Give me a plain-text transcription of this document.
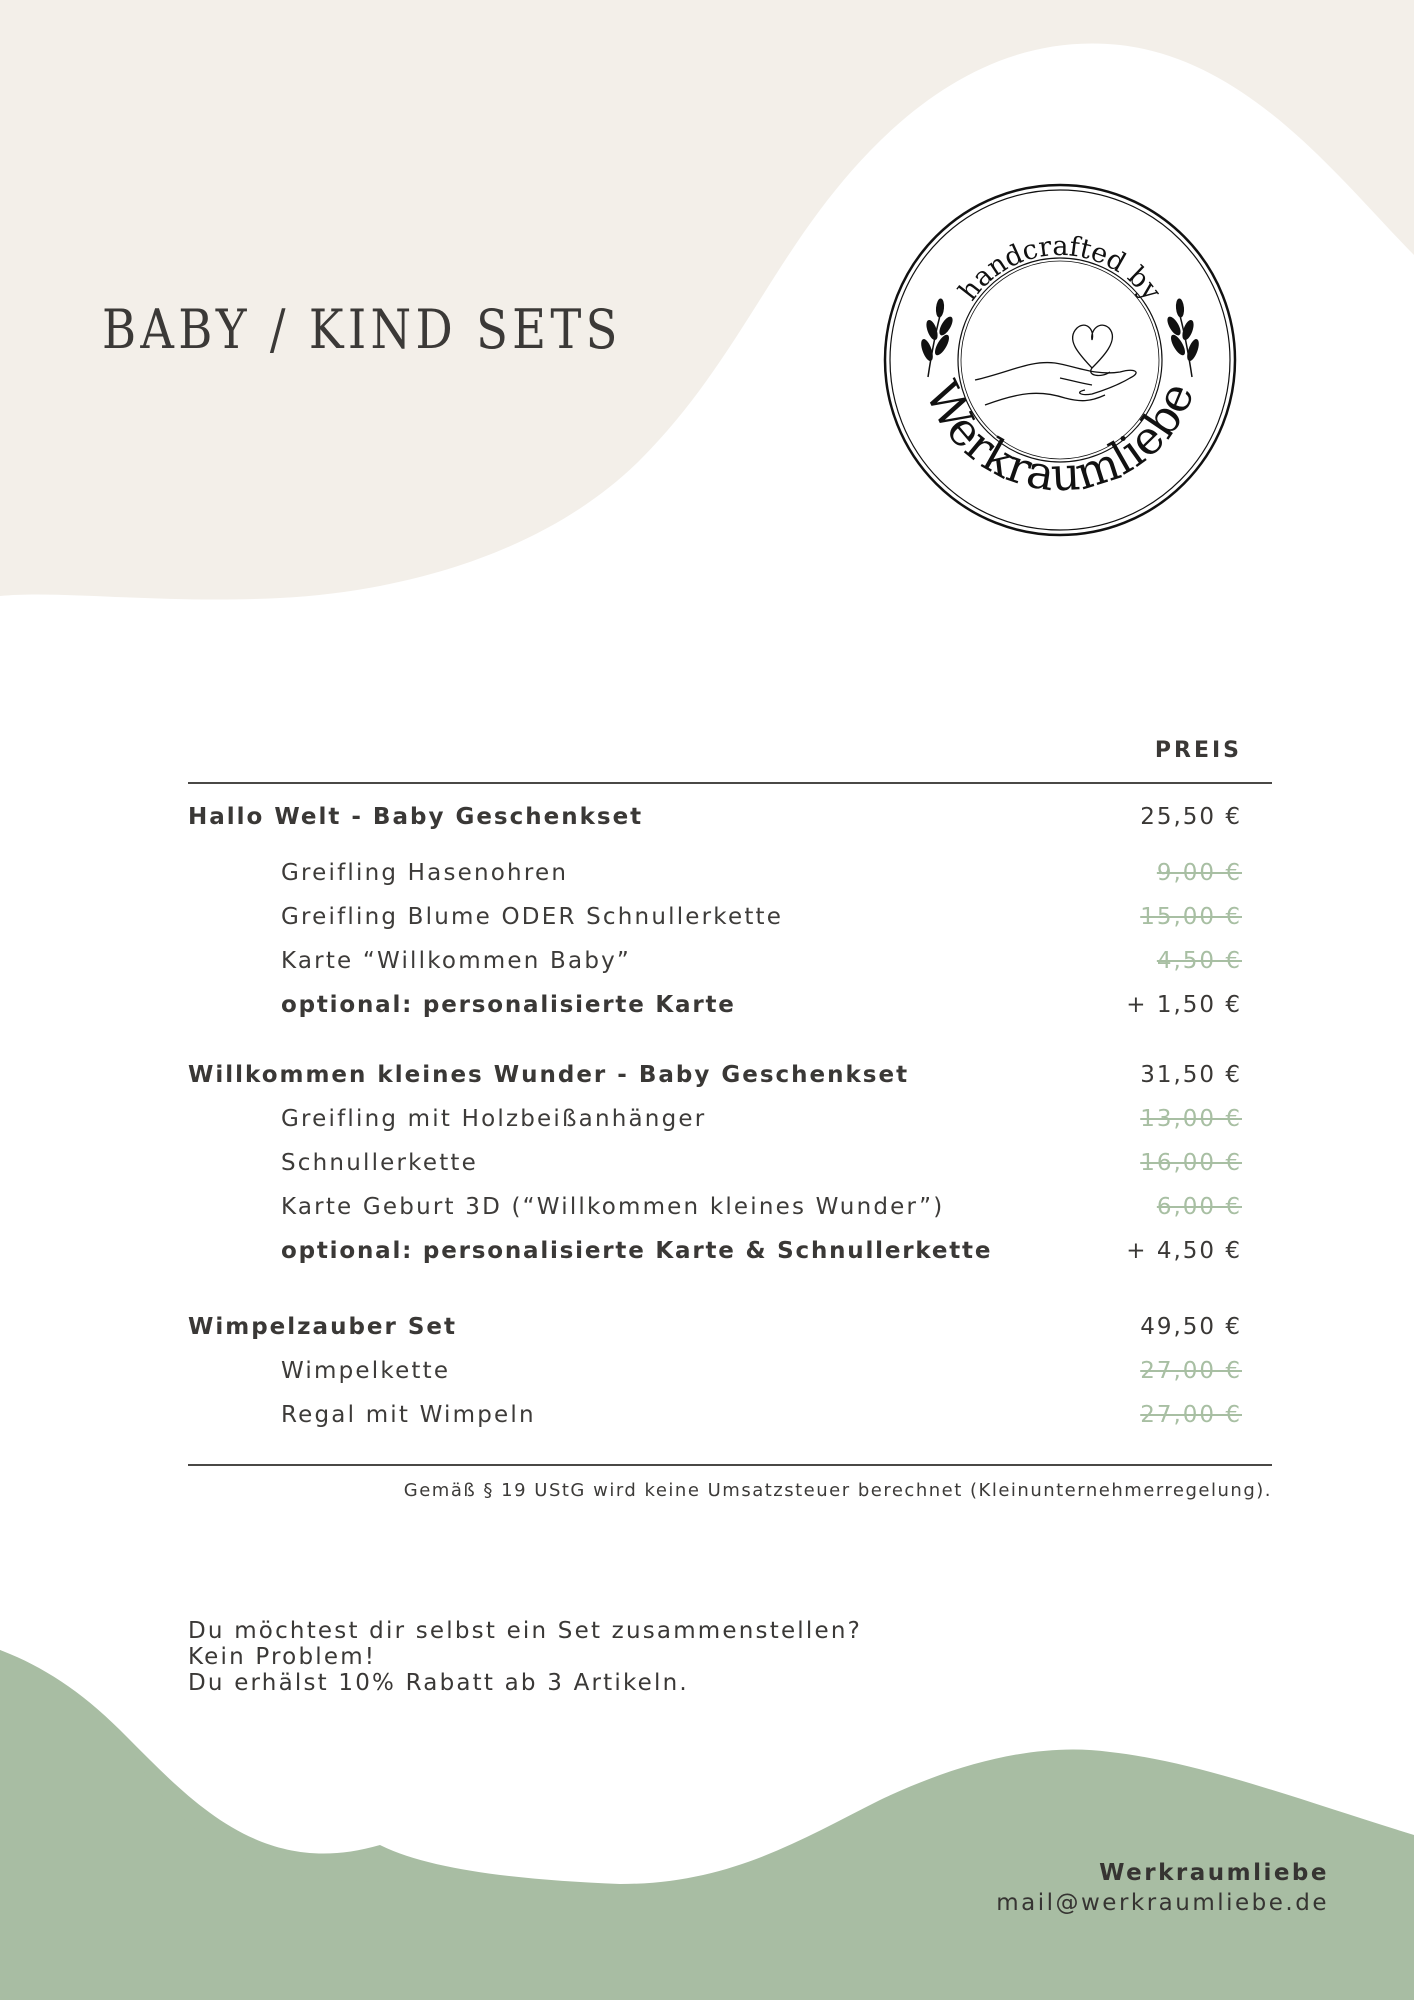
BABY / KIND SETS
handcrafted by
Werkraumliebe
PREIS
Hallo Welt - Baby Geschenkset	25,50 €
Greifling Hasenohren	9,00 €
Greifling Blume ODER Schnullerkette	15,00 €
Karte “Willkommen Baby”	4,50 €
optional: personalisierte Karte	+ 1,50 €
Willkommen kleines Wunder - Baby Geschenkset	31,50 €
Greifling mit Holzbeißanhänger	13,00 €
Schnullerkette	16,00 €
Karte Geburt 3D (“Willkommen kleines Wunder”)	6,00 €
optional: personalisierte Karte & Schnullerkette	+ 4,50 €
Wimpelzauber Set	49,50 €
Wimpelkette	27,00 €
Regal mit Wimpeln	27,00 €
Gemäß § 19 UStG wird keine Umsatzsteuer berechnet (Kleinunternehmerregelung).
Du möchtest dir selbst ein Set zusammenstellen?
Kein Problem!
Du erhälst 10% Rabatt ab 3 Artikeln.
Werkraumliebe
mail@werkraumliebe.de
